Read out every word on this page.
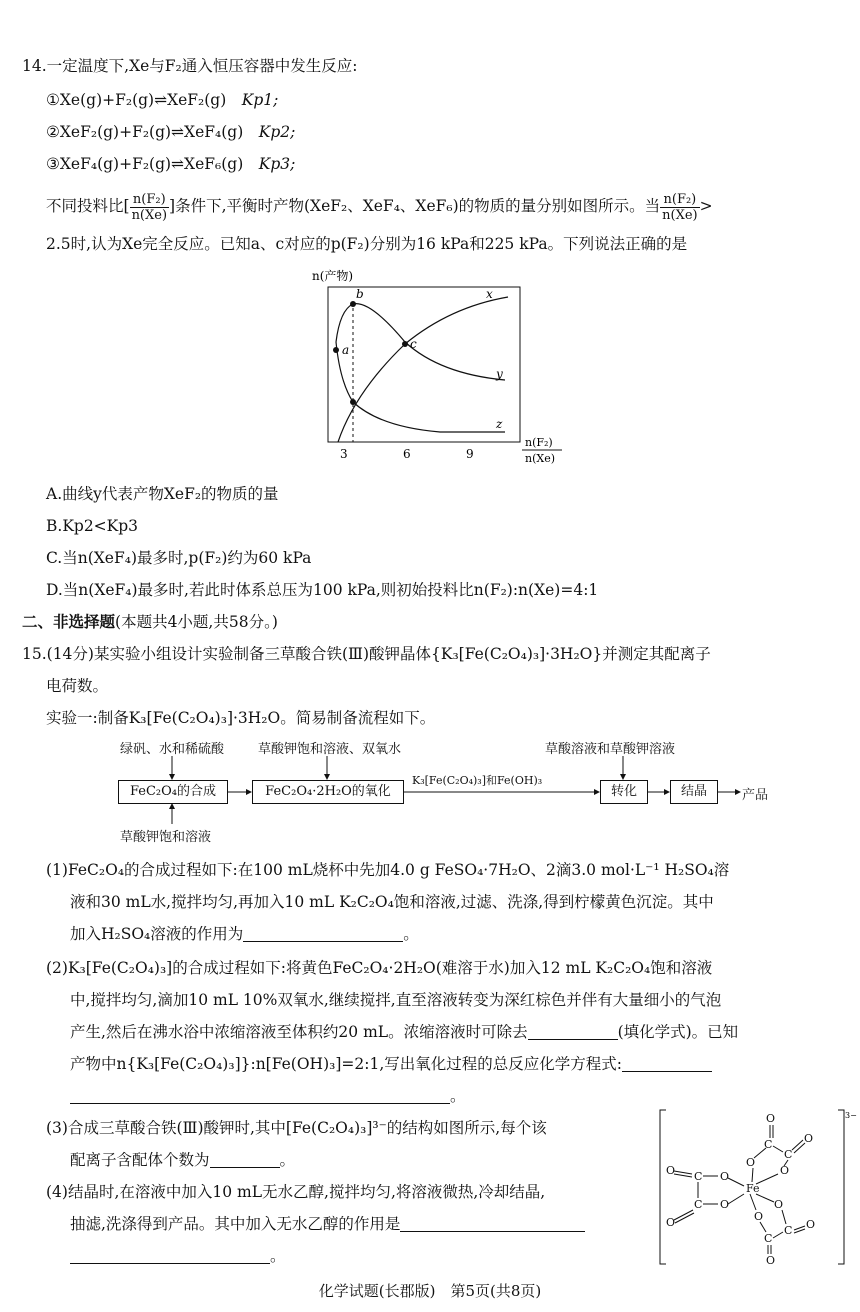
14.一定温度下,Xe与F₂通入恒压容器中发生反应:
①Xe(g)+F₂(g)⇌XeF₂(g)　 Kp1;
②XeF₂(g)+F₂(g)⇌XeF₄(g)　 Kp2;
③XeF₄(g)+F₂(g)⇌XeF₆(g)　 Kp3;
不同投料比[ $\frac{\text{n(F₂)}}{n(Xe)}$ ]条件下,平衡时产物(XeF₂、XeF₄、XeF₆)的物质的量分别如图所示。当 $\frac{\text{n(F₂)}}{n(Xe)}$ >
2.5时,认为Xe完全反应。已知a、c对应的p(F₂)分别为16 kPa和225 kPa。下列说法正确的是
n(产物)
a
b
c
x
y
z
3	6	9
n(F₂)
n(Xe)
A.曲线y代表产物XeF₂的物质的量
B.Kp2<Kp3
C.当n(XeF₄)最多时,p(F₂)约为60 kPa
D.当n(XeF₄)最多时,若此时体系总压为100 kPa,则初始投料比n(F₂):n(Xe)=4:1
二、非选择题(本题共4小题,共58分。)
15.(14分)某实验小组设计实验制备三草酸合铁(Ⅲ)酸钾晶体{K₃[Fe(C₂O₄)₃]·3H₂O}并测定其配离子
电荷数。
实验一:制备K₃[Fe(C₂O₄)₃]·3H₂O。简易制备流程如下。
绿矾、水和稀硫酸	草酸钾饱和溶液、双氧水	草酸溶液和草酸钾溶液
FeC₂O₄的合成	FeC₂O₄·2H₂O的氧化
K₃[Fe(C₂O₄)₃]和Fe(OH)₃
转化	结晶	产品
草酸钾饱和溶液
(1)FeC₂O₄的合成过程如下:在100 mL烧杯中先加4.0 g FeSO₄·7H₂O、2滴3.0 mol·L⁻¹ H₂SO₄溶
液和30 mL水,搅拌均匀,再加入10 mL K₂C₂O₄饱和溶液,过滤、洗涤,得到柠檬黄色沉淀。其中
加入H₂SO₄溶液的作用为	。
(2)K₃[Fe(C₂O₄)₃]的合成过程如下:将黄色FeC₂O₄·2H₂O(难溶于水)加入12 mL K₂C₂O₄饱和溶液
中,搅拌均匀,滴加10 mL 10%双氧水,继续搅拌,直至溶液转变为深红棕色并伴有大量细小的气泡
产生,然后在沸水浴中浓缩溶液至体积约20 mL。浓缩溶液时可除去	(填化学式)。已知
产物中n{K₃[Fe(C₂O₄)₃]}:n[Fe(OH)₃]=2:1,写出氧化过程的总反应化学方程式:
。
(3)合成三草酸合铁(Ⅲ)酸钾时,其中[Fe(C₂O₄)₃]³⁻的结构如图所示,每个该
配离子含配体个数为	。
(4)结晶时,在溶液中加入10 mL无水乙醇,搅拌均匀,将溶液微热,冷却结晶,
抽滤,洗涤得到产品。其中加入无水乙醇的作用是
。
3−
Fe
O
C
C
O
O
O
O C O
C O
O
O
C O
O
C
O
化学试题(长郡版)　第5页(共8页)
